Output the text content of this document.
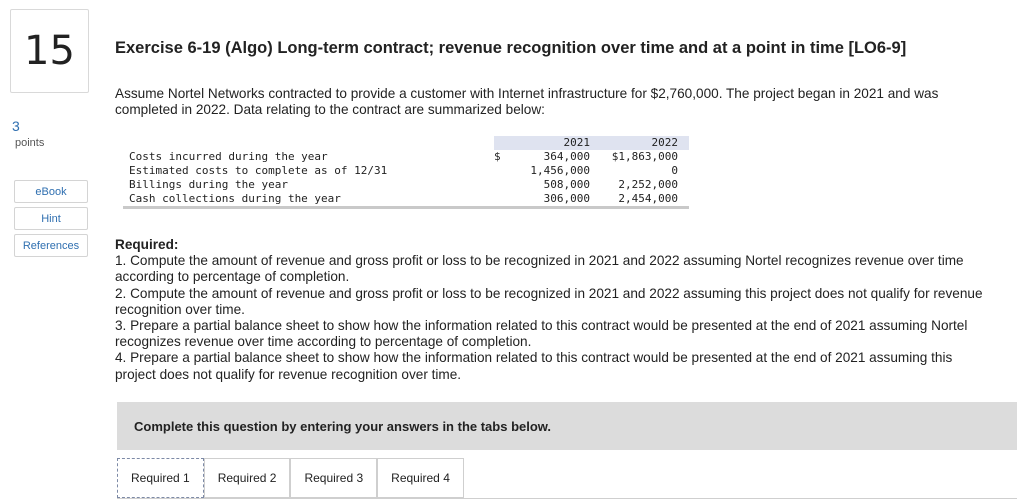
15
3
points
eBook
Hint
References
Exercise 6-19 (Algo) Long-term contract; revenue recognition over time and at a point in time [LO6-9]
Assume Nortel Networks contracted to provide a customer with Internet infrastructure for $2,760,000. The project began in 2021 and was completed in 2022. Data relating to the contract are summarized below:
		2021	2022
Costs incurred during the year	$	364,000	$1,863,000
Estimated costs to complete as of 12/31		1,456,000	0
Billings during the year		508,000	2,252,000
Cash collections during the year		306,000	2,454,000

Required:

1. Compute the amount of revenue and gross profit or loss to be recognized in 2021 and 2022 assuming Nortel recognizes revenue over time according to percentage of completion.

2. Compute the amount of revenue and gross profit or loss to be recognized in 2021 and 2022 assuming this project does not qualify for revenue recognition over time.

3. Prepare a partial balance sheet to show how the information related to this contract would be presented at the end of 2021 assuming Nortel recognizes revenue over time according to percentage of completion.

4. Prepare a partial balance sheet to show how the information related to this contract would be presented at the end of 2021 assuming this project does not qualify for revenue recognition over time.

Complete this question by entering your answers in the tabs below.
Required 1	Required 2	Required 3	Required 4
